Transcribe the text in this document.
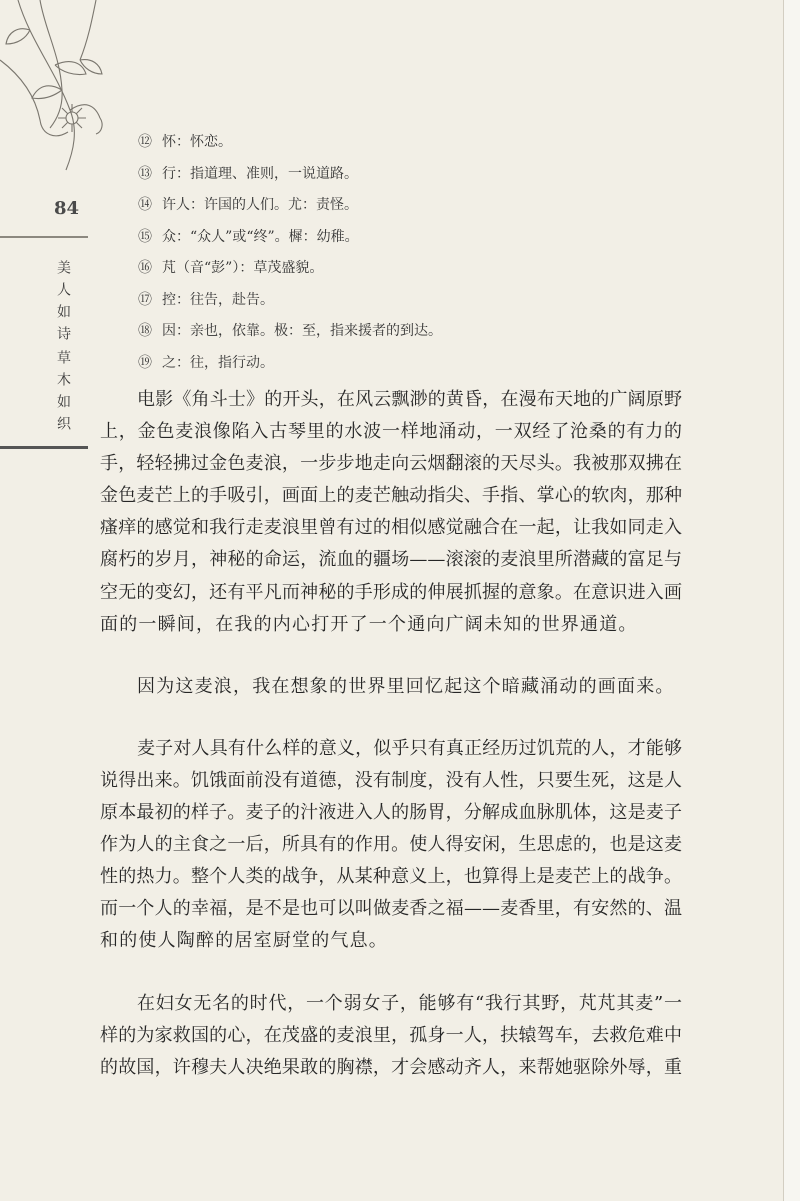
84
美人如诗
草木如织
⑫ 怀：怀恋。
⑬ 行：指道理、准则，一说道路。
⑭ 许人：许国的人们。尤：责怪。
⑮ 众：“众人”或“终”。樨：幼稚。
⑯ 芃（音“彭”）：草茂盛貌。
⑰ 控：往告，赴告。
⑱ 因：亲也，依靠。极：至，指来援者的到达。
⑲ 之：往，指行动。
电影《角斗士》的开头，在风云飘渺的黄昏，在漫布天地的广阔原野
上，金色麦浪像陷入古琴里的水波一样地涌动，一双经了沧桑的有力的
手，轻轻拂过金色麦浪，一步步地走向云烟翻滚的天尽头。我被那双拂在
金色麦芒上的手吸引，画面上的麦芒触动指尖、手指、掌心的软肉，那种
瘙痒的感觉和我行走麦浪里曾有过的相似感觉融合在一起，让我如同走入
腐朽的岁月，神秘的命运，流血的疆场——滚滚的麦浪里所潜藏的富足与
空无的变幻，还有平凡而神秘的手形成的伸展抓握的意象。在意识进入画
面的一瞬间，在我的内心打开了一个通向广阔未知的世界通道。
因为这麦浪，我在想象的世界里回忆起这个暗藏涌动的画面来。
麦子对人具有什么样的意义，似乎只有真正经历过饥荒的人，才能够
说得出来。饥饿面前没有道德，没有制度，没有人性，只要生死，这是人
原本最初的样子。麦子的汁液进入人的肠胃，分解成血脉肌体，这是麦子
作为人的主食之一后，所具有的作用。使人得安闲，生思虑的，也是这麦
性的热力。整个人类的战争，从某种意义上，也算得上是麦芒上的战争。
而一个人的幸福，是不是也可以叫做麦香之福——麦香里，有安然的、温
和的使人陶醉的居室厨堂的气息。
在妇女无名的时代，一个弱女子，能够有“我行其野，芃芃其麦”一
样的为家救国的心，在茂盛的麦浪里，孤身一人，扶辕驾车，去救危难中
的故国，许穆夫人决绝果敢的胸襟，才会感动齐人，来帮她驱除外辱，重
